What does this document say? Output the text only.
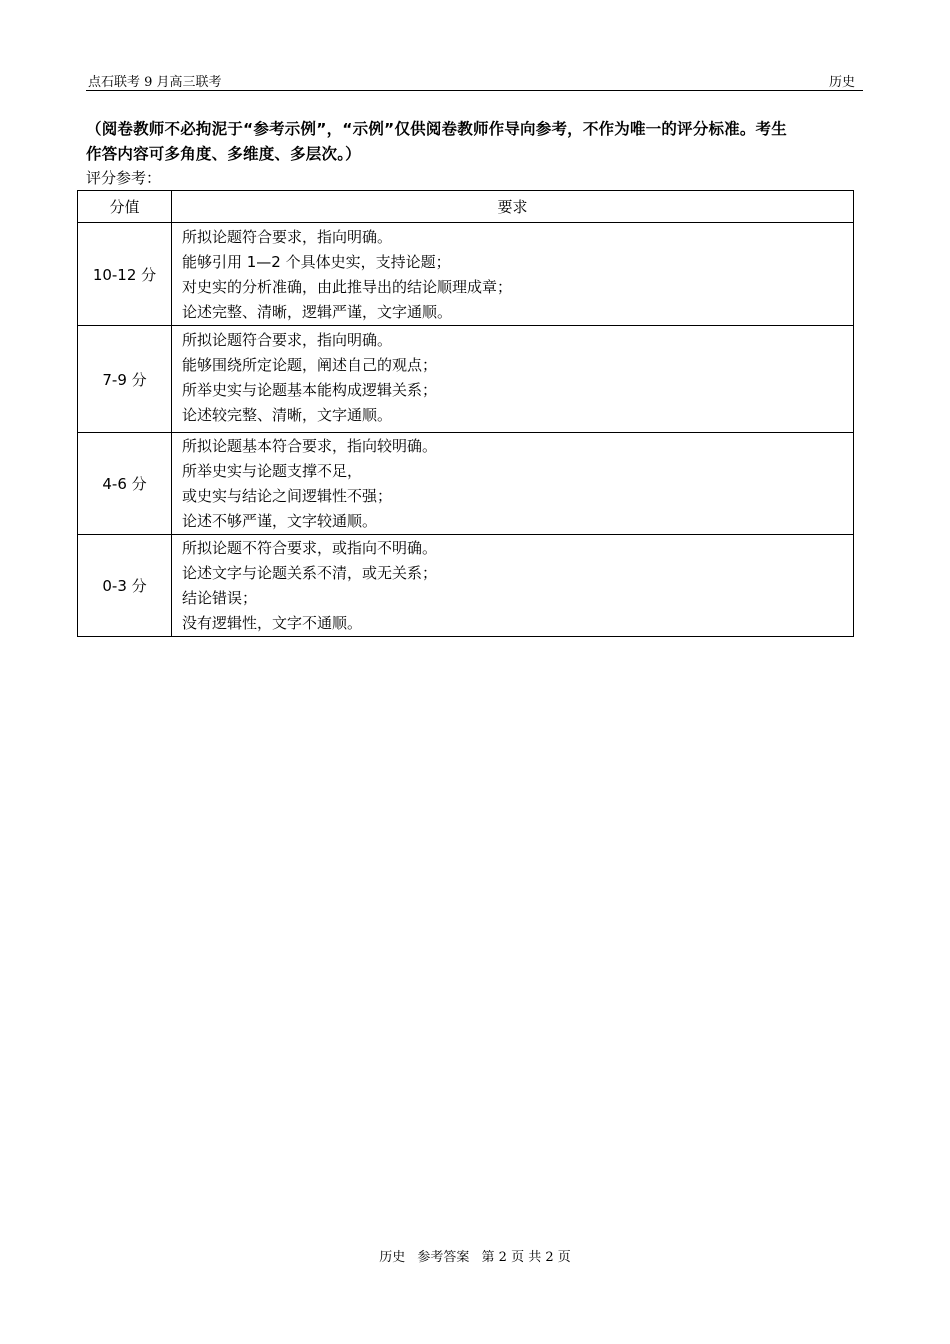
点石联考 9 月高三联考	历史
（阅卷教师不必拘泥于“参考示例”，“示例”仅供阅卷教师作导向参考，不作为唯一的评分标准。考生
作答内容可多角度、多维度、多层次。）
评分参考：
分值	要求
10-12 分	所拟论题符合要求，指向明确。
能够引用 1—2 个具体史实，支持论题；
对史实的分析准确，由此推导出的结论顺理成章；
论述完整、清晰，逻辑严谨，文字通顺。

7-9 分	所拟论题符合要求，指向明确。
能够围绕所定论题，阐述自己的观点；
所举史实与论题基本能构成逻辑关系；
论述较完整、清晰，文字通顺。

4-6 分	所拟论题基本符合要求，指向较明确。
所举史实与论题支撑不足，
或史实与结论之间逻辑性不强；
论述不够严谨，文字较通顺。

0-3 分	所拟论题不符合要求，或指向不明确。
论述文字与论题关系不清，或无关系；
结论错误；
没有逻辑性，文字不通顺。
历史 参考答案 第 2 页 共 2 页
